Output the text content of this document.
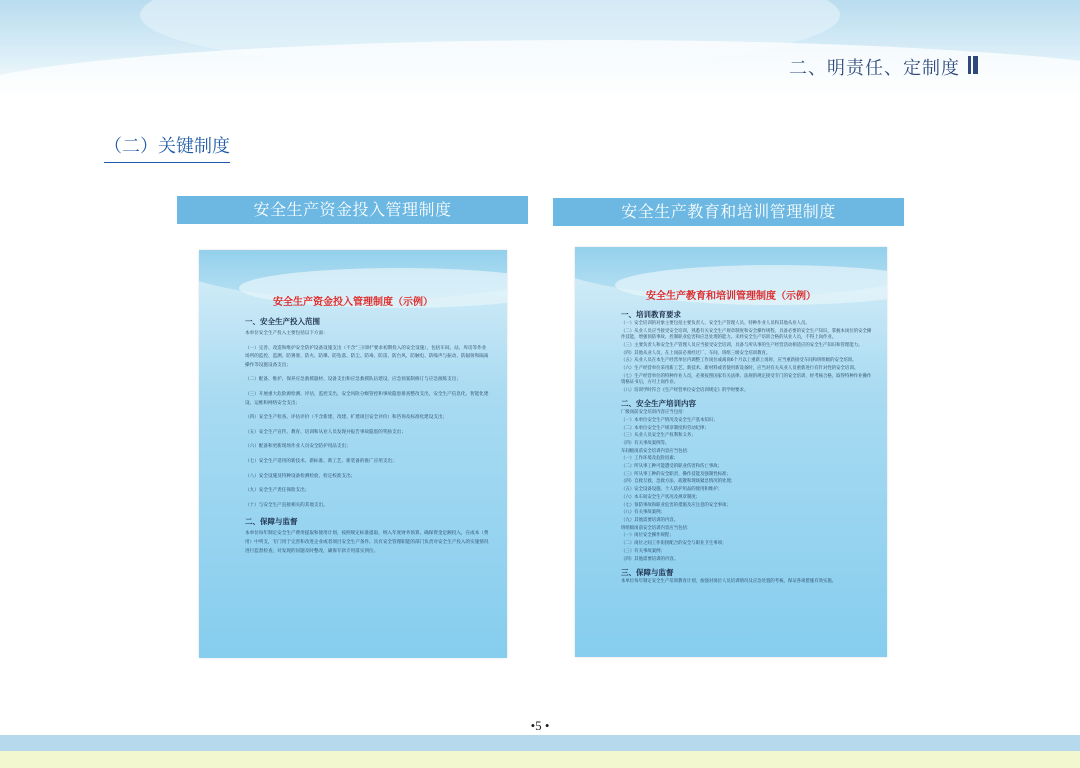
二、明责任、定制度
（二）关键制度
安全生产资金投入管理制度	安全生产教育和培训管理制度
安全生产资金投入管理制度（示例）
一、安全生产投入范围
本单位安全生产投入主要包括以下方面：
（一）完善、改造和维护安全防护设备设施支出（不含“三同时”要求初期投入的安全设施），包括车间、站、库房等作业场所的监控、监测、防署暑、防火、防爆、防坠落、防尘、防毒、防雷、防台风、防触电、防噪声与振动、防辐射和隔离操作等设施设备支出；
（二）配备、维护、保养应急救援器材、设备支出和应急救援队伍建设、应急预案制修订与应急演练支出；
（三）开展重大危险源检测、评估、监控支出，安全风险分级管控和事故隐患排查整改支出，安全生产信息化、智能化建设、运维和网络安全支出；
（四）安全生产检查、评估评价（不含新建、改建、扩建项目安全评价）和咨询及标准化建设支出；
（五）安全生产宣传、教育、培训和从业人员发现并报告事故隐患的奖励支出；
（六）配备和更新现场作业人员安全防护用品支出；
（七）安全生产适用的新技术、新标准、新工艺、新装备的推广应用支出；
（八）安全设施及特种设备检测检验、检定校准支出；
（九）安全生产责任保险支出；
（十）与安全生产直接相关的其他支出。
二、保障与监督
本单位每年制定安全生产费用提取和使用计划，按照规定标准提取，纳入年度财务预算，确保资金足额投入，在成本（费用）中列支，专门用于完善和改进企业或者项目安全生产条件。具有安全管理职能的部门负责对安全生产投入的实施情况进行监督检查，对发现的问题及时整改，确保专款专用落实到位。
安全生产教育和培训管理制度（示例）
一、培训教育要求
（一）安全培训的对象主要包括主要负责人、安全生产管理人员、特种作业人员和其他从业人员。
（二）从业人员应当接受安全培训，熟悉有关安全生产规章制度和安全操作规程，具备必要的安全生产知识，掌握本岗位的安全操作技能，增强预防事故、控制职业危害和应急处理的能力。未经安全生产培训合格的从业人员，不得上岗作业。
（三）主要负责人和安全生产管理人员应当接受安全培训，具备与所从事的生产经营活动相适应的安全生产知识和管理能力。
（四）其他从业人员，在上岗前必须经过厂、车间、班组三级安全培训教育。
（五）从业人员在本生产经营单位内调整工作岗位或离岗6个月以上重新上岗时，应当重新接受车间和班组级的安全培训。
（六）生产经营单位采用新工艺、新技术、新材料或者使用新设备时，应当对有关从业人员重新进行有针对性的安全培训。
（七）生产经营单位的特种作业人员，必须按照国家有关法律、法规的规定接受专门的安全培训，经考核合格，取得特种作业操作资格证书后，方可上岗作业。
（八）培训学时符合《生产经营单位安全培训规定》的学时要求。
二、安全生产培训内容
厂级岗前安全培训内容应当包括：
（一）本单位安全生产情况及安全生产基本知识；
（二）本单位安全生产规章制度和劳动纪律；
（三）从业人员安全生产权利和义务；
（四）有关事故案例等。
车间级岗前安全培训内容应当包括：
（一）工作环境及危险因素；
（二）所从事工种可能遭受的职业伤害和伤亡事故；
（三）所从事工种的安全职责、操作技能及强制性标准；
（四）自救互救、急救方法、疏散和现场紧急情况的处理；
（五）安全设备设施、个人防护用品的使用和维护；
（六）本车间安全生产状况及规章制度；
（七）预防事故和职业危害的措施及应注意的安全事项；
（八）有关事故案例；
（九）其他需要培训的内容。
班组级岗前安全培训内容应当包括：
（一）岗位安全操作规程；
（二）岗位之间工作衔接配合的安全与职业卫生事项；
（三）有关事故案例；
（四）其他需要培训的内容。
三、保障与监督
本单位每年制定安全生产培训教育计划，加强对岗位人员培训情况及应急处置的考核，保证各项措施有效实施。
•5 •
